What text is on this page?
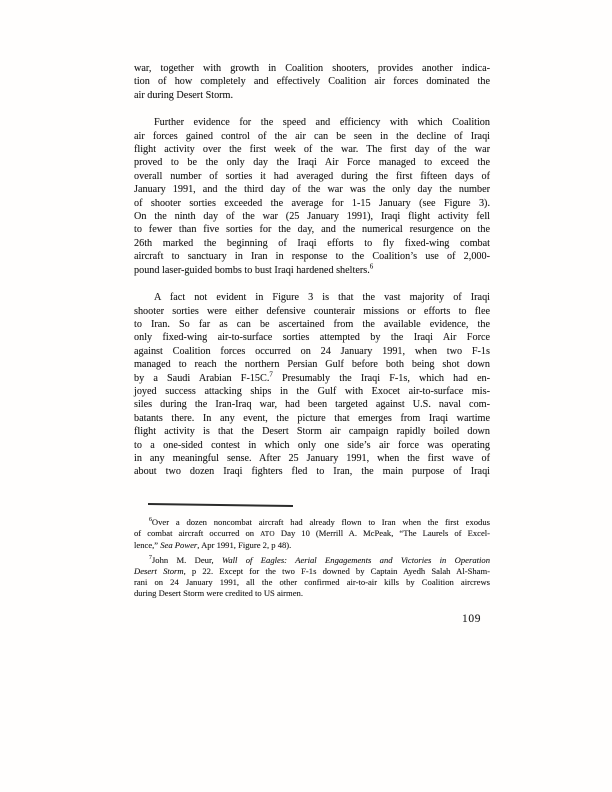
war, together with growth in Coalition shooters, provides another indica-
tion of how completely and effectively Coalition air forces dominated the
air during Desert Storm.
Further evidence for the speed and efficiency with which Coalition
air forces gained control of the air can be seen in the decline of Iraqi
flight activity over the first week of the war. The first day of the war
proved to be the only day the Iraqi Air Force managed to exceed the
overall number of sorties it had averaged during the first fifteen days of
January 1991, and the third day of the war was the only day the number
of shooter sorties exceeded the average for 1-15 January (see Figure 3).
On the ninth day of the war (25 January 1991), Iraqi flight activity fell
to fewer than five sorties for the day, and the numerical resurgence on the
26th marked the beginning of Iraqi efforts to fly fixed-wing combat
aircraft to sanctuary in Iran in response to the Coalition’s use of 2,000-
pound laser-guided bombs to bust Iraqi hardened shelters.$^6$
A fact not evident in Figure 3 is that the vast majority of Iraqi
shooter sorties were either defensive counterair missions or efforts to flee
to Iran. So far as can be ascertained from the available evidence, the
only fixed-wing air-to-surface sorties attempted by the Iraqi Air Force
against Coalition forces occurred on 24 January 1991, when two F-1s
managed to reach the northern Persian Gulf before both being shot down
by a Saudi Arabian F-15C.$^7$ Presumably the Iraqi F-1s, which had en-
joyed success attacking ships in the Gulf with Exocet air-to-surface mis-
siles during the Iran-Iraq war, had been targeted against U.S. naval com-
batants there. In any event, the picture that emerges from Iraqi wartime
flight activity is that the Desert Storm air campaign rapidly boiled down
to a one-sided contest in which only one side’s air force was operating
in any meaningful sense. After 25 January 1991, when the first wave of
about two dozen Iraqi fighters fled to Iran, the main purpose of Iraqi
$^6$Over a dozen noncombat aircraft had already flown to Iran when the first exodus
of combat aircraft occurred on ATO Day 10 (Merrill A. McPeak, “The Laurels of Excel-
lence,” Sea Power, Apr 1991, Figure 2, p 48).
$^7$John M. Deur, Wall of Eagles: Aerial Engagements and Victories in Operation
Desert Storm, p 22. Except for the two F-1s downed by Captain Ayedh Salah Al-Sham-
rani on 24 January 1991, all the other confirmed air-to-air kills by Coalition aircrews
during Desert Storm were credited to US airmen.
109
